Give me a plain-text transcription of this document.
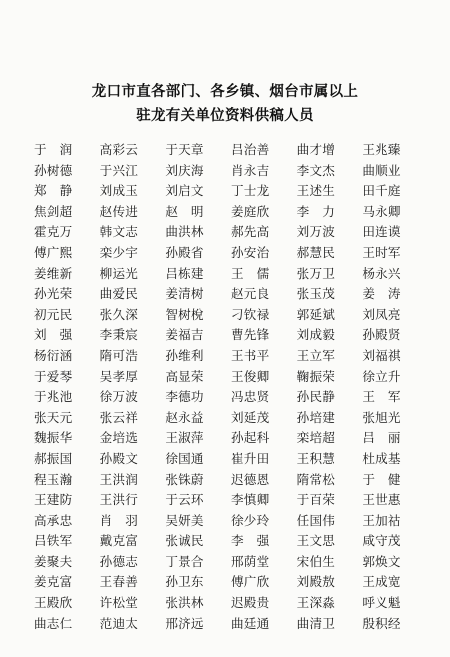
龙口市直各部门、各乡镇、烟台市属以上
驻龙有关单位资料供稿人员
于　润	高彩云	于天章	吕治善	曲才增	王兆臻
孙树德	于兴江	刘庆海	肖永吉	李文杰	曲顺业
郑　静	刘成玉	刘启文	丁士龙	王述生	田千庭
焦剑超	赵传进	赵　明	姜庭欣	李　力	马永卿
霍克万	韩文志	曲洪林	郝先高	刘万波	田连谟
傅广熙	栾少宇	孙殿省	孙安治	郝慧民	王时军
姜维新	柳运光	吕栋建	王　儒	张万卫	杨永兴
孙光荣	曲爱民	姜清树	赵元良	张玉茂	姜　涛
初元民	张久深	智树梲	刁钦禄	郭延斌	刘凤亮
刘　强	李秉宸	姜福吉	曹先锋	刘成毅	孙殿贤
杨衍涵	隋可浩	孙维利	王书平	王立军	刘福祺
于爱琴	吴孝厚	高显荣	王俊卿	鞠振荣	徐立升
于兆池	徐万波	李德功	冯忠贤	孙民静	王　军
张天元	张云祥	赵永益	刘延茂	孙培建	张旭光
魏振华	金培选	王淑萍	孙起科	栾培超	吕　丽
郝振国	孙殿文	徐国通	崔升田	王积慧	杜成基
程玉瀚	王洪润	张铢蔚	迟德恩	隋常松	于　健
王建防	王洪行	于云环	李慎卿	于百荣	王世惠
高承忠	肖　羽	吴妍美	徐少玲	任国伟	王加祜
吕铁军	戴克富	张诚民	李　强	王文思	咸守茂
姜聚夫	孙德志	丁景合	邢荫堂	宋伯生	郭焕文
姜克富	王春善	孙卫东	傅广欣	刘殿敖	王成宽
王殿欣	许松堂	张洪林	迟殿贵	王深淼	呼义魁
曲志仁	范迪太	邢济远	曲廷通	曲清卫	殷积经
